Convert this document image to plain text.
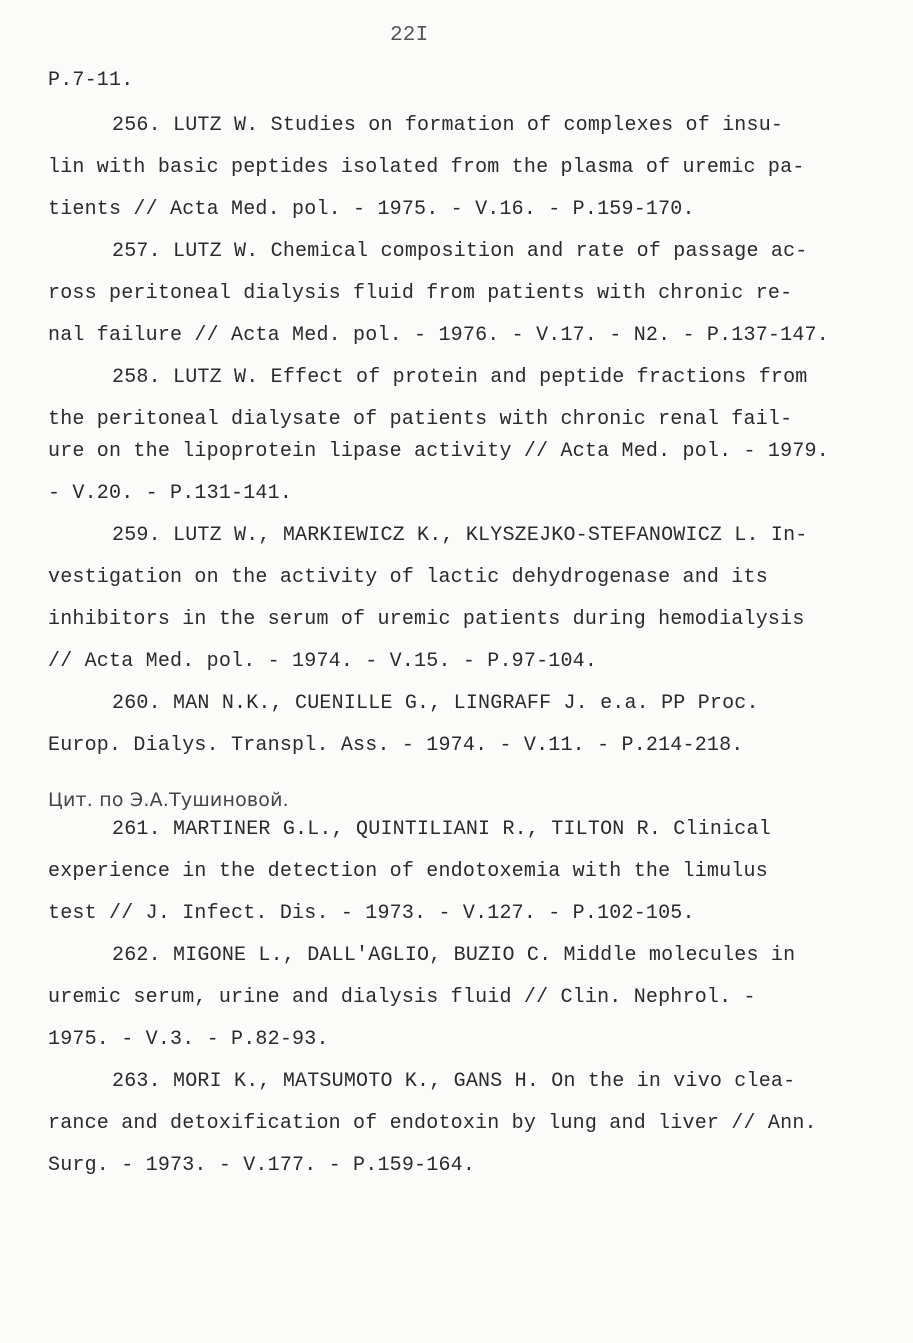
22I
P.7-11.
256. LUTZ W. Studies on formation of complexes of insu-
lin with basic peptides isolated from the plasma of uremic pa-
tients // Acta Med. pol. - 1975. - V.16. - P.159-170.
257. LUTZ W. Chemical composition and rate of passage ac-
ross peritoneal dialysis fluid from patients with chronic re-
nal failure // Acta Med. pol. - 1976. - V.17. - N2. - P.137-147.
258. LUTZ W. Effect of protein and peptide fractions from
the peritoneal dialysate of patients with chronic renal fail-
ure on the lipoprotein lipase activity // Acta Med. pol. - 1979.
- V.20. - P.131-141.
259. LUTZ W., MARKIEWICZ K., KLYSZEJKO-STEFANOWICZ L. In-
vestigation on the activity of lactic dehydrogenase and its
inhibitors in the serum of uremic patients during hemodialysis
// Acta Med. pol. - 1974. - V.15. - P.97-104.
260. MAN N.K., CUENILLE G., LINGRAFF J. e.a. PP Proc.
Europ. Dialys. Transpl. Ass. - 1974. - V.11. - P.214-218.
Цит. по Э.А.Тушиновой.
261. MARTINER G.L., QUINTILIANI R., TILTON R. Clinical
experience in the detection of endotoxemia with the limulus
test // J. Infect. Dis. - 1973. - V.127. - P.102-105.
262. MIGONE L., DALL'AGLIO, BUZIO C. Middle molecules in
uremic serum, urine and dialysis fluid // Clin. Nephrol. -
1975. - V.3. - P.82-93.
263. MORI K., MATSUMOTO K., GANS H. On the in vivo clea-
rance and detoxification of endotoxin by lung and liver // Ann.
Surg. - 1973. - V.177. - P.159-164.
